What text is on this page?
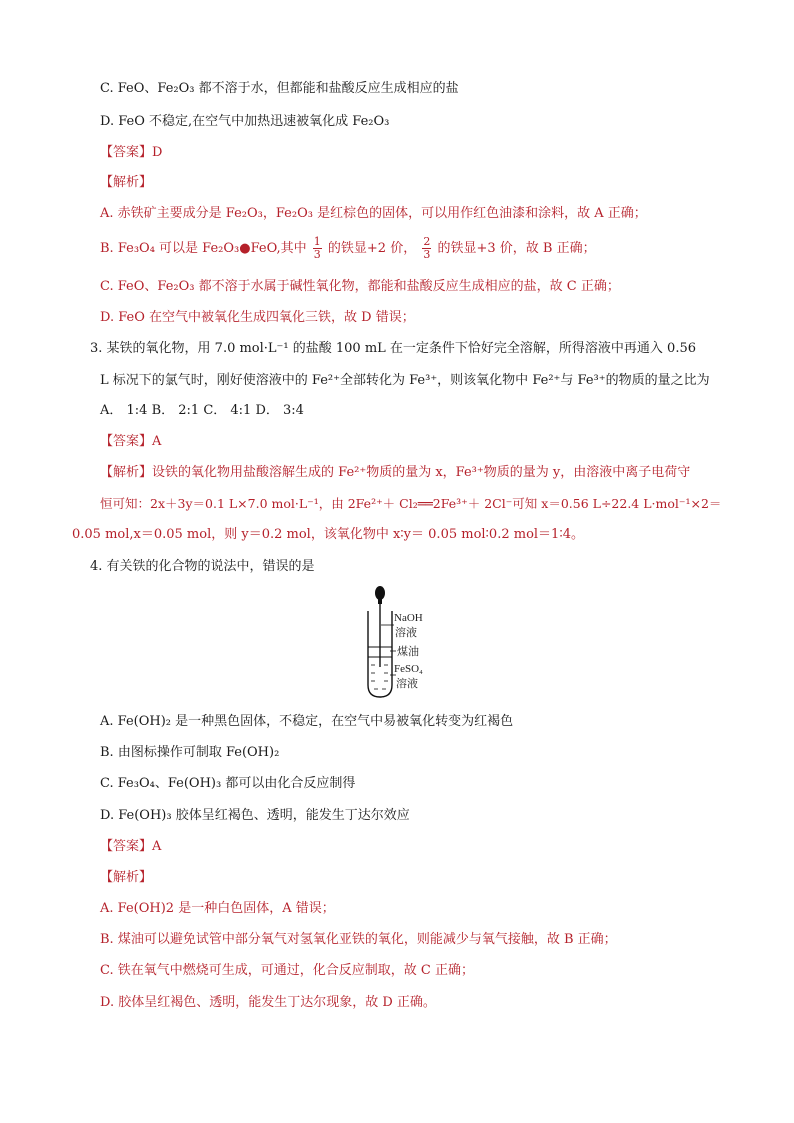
C. FeO、Fe₂O₃ 都不溶于水，但都能和盐酸反应生成相应的盐
D. FeO 不稳定,在空气中加热迅速被氧化成 Fe₂O₃
【答案】D
【解析】
A. 赤铁矿主要成分是 Fe₂O₃，Fe₂O₃ 是红棕色的固体，可以用作红色油漆和涂料，故 A 正确；
B. Fe₃O₄ 可以是 Fe₂O₃●FeO,其中 $\frac{1}{3}$ 的铁显+2 价， $\frac{2}{3}$ 的铁显+3 价，故 B 正确；
C. FeO、Fe₂O₃ 都不溶于水属于碱性氧化物，都能和盐酸反应生成相应的盐，故 C 正确；
D. FeO 在空气中被氧化生成四氧化三铁，故 D 错误；
3. 某铁的氧化物，用 7.0 mol·L⁻¹ 的盐酸 100 mL 在一定条件下恰好完全溶解，所得溶液中再通入 0.56
L 标况下的氯气时，刚好使溶液中的 Fe²⁺全部转化为 Fe³⁺，则该氧化物中 Fe²⁺与 Fe³⁺的物质的量之比为
A． 1:4 B． 2:1 C． 4:1 D． 3:4
【答案】A
【解析】设铁的氧化物用盐酸溶解生成的 Fe²⁺物质的量为 x，Fe³⁺物质的量为 y，由溶液中离子电荷守
恒可知：2x＋3y＝0.1 L×7.0 mol·L⁻¹，由 2Fe²⁺＋ Cl₂══2Fe³⁺＋ 2Cl⁻可知 x＝0.56 L÷22.4 L·mol⁻¹×2＝
0.05 mol,x＝0.05 mol，则 y＝0.2 mol，该氧化物中 x∶y＝ 0.05 mol∶0.2 mol＝1∶4。
4. 有关铁的化合物的说法中，错误的是
NaOH
溶液
煤油
FeSO₄
溶液
A. Fe(OH)₂ 是一种黑色固体，不稳定，在空气中易被氧化转变为红褐色
B. 由图标操作可制取 Fe(OH)₂
C. Fe₃O₄、Fe(OH)₃ 都可以由化合反应制得
D. Fe(OH)₃ 胶体呈红褐色、透明，能发生丁达尔效应
【答案】A
【解析】
A. Fe(OH)2 是一种白色固体，A 错误；
B. 煤油可以避免试管中部分氧气对氢氧化亚铁的氧化，则能减少与氧气接触，故 B 正确；
C. 铁在氧气中燃烧可生成，可通过，化合反应制取，故 C 正确；
D. 胶体呈红褐色、透明，能发生丁达尔现象，故 D 正确。
